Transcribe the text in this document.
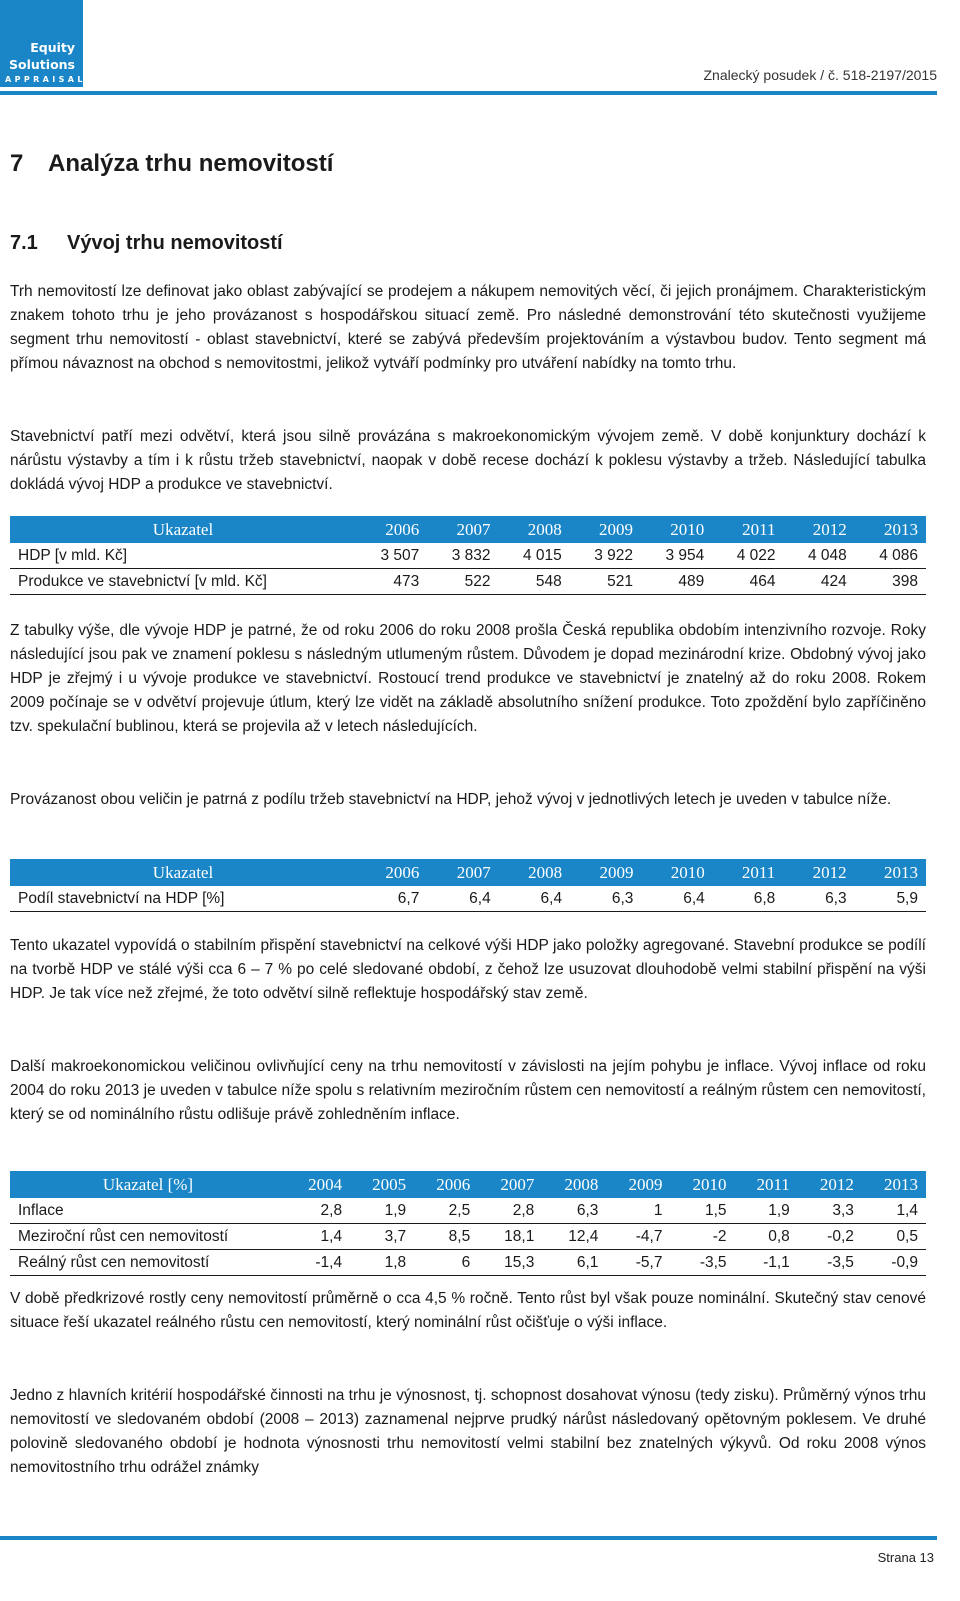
Equity
Solutions
APPRAISALS	Znalecký posudek / č. 518-2197/2015
7 Analýza trhu nemovitostí
7.1 Vývoj trhu nemovitostí

Trh nemovitostí lze definovat jako oblast zabývající se prodejem a nákupem nemovitých věcí, či jejich pronájmem. Charakteristickým znakem tohoto trhu je jeho provázanost s hospodářskou situací země. Pro následné demonstrování této skutečnosti využijeme segment trhu nemovitostí - oblast stavebnictví, které se zabývá především projektováním a výstavbou budov. Tento segment má přímou návaznost na obchod s nemovitostmi, jelikož vytváří podmínky pro utváření nabídky na tomto trhu.

Stavebnictví patří mezi odvětví, která jsou silně provázána s makroekonomickým vývojem země. V době konjunktury dochází k nárůstu výstavby a tím i k růstu tržeb stavebnictví, naopak v době recese dochází k poklesu výstavby a tržeb. Následující tabulka dokládá vývoj HDP a produkce ve stavebnictví.

Ukazatel	2006	2007	2008	2009	2010	2011	2012	2013
HDP [v mld. Kč]	3 507	3 832	4 015	3 922	3 954	4 022	4 048	4 086
Produkce ve stavebnictví [v mld. Kč]	473	522	548	521	489	464	424	398

Z tabulky výše, dle vývoje HDP je patrné, že od roku 2006 do roku 2008 prošla Česká republika obdobím intenzivního rozvoje. Roky následující jsou pak ve znamení poklesu s následným utlumeným růstem. Důvodem je dopad mezinárodní krize. Obdobný vývoj jako HDP je zřejmý i u vývoje produkce ve stavebnictví. Rostoucí trend produkce ve stavebnictví je znatelný až do roku 2008. Rokem 2009 počínaje se v odvětví projevuje útlum, který lze vidět na základě absolutního snížení produkce. Toto zpoždění bylo zapříčiněno tzv. spekulační bublinou, která se projevila až v letech následujících.

Provázanost obou veličin je patrná z podílu tržeb stavebnictví na HDP, jehož vývoj v jednotlivých letech je uveden v tabulce níže.

Ukazatel	2006	2007	2008	2009	2010	2011	2012	2013
Podíl stavebnictví na HDP [%]	6,7	6,4	6,4	6,3	6,4	6,8	6,3	5,9

Tento ukazatel vypovídá o stabilním přispění stavebnictví na celkové výši HDP jako položky agregované. Stavební produkce se podílí na tvorbě HDP ve stálé výši cca 6 – 7 % po celé sledované období, z čehož lze usuzovat dlouhodobě velmi stabilní přispění na výši HDP. Je tak více než zřejmé, že toto odvětví silně reflektuje hospodářský stav země.

Další makroekonomickou veličinou ovlivňující ceny na trhu nemovitostí v závislosti na jejím pohybu je inflace. Vývoj inflace od roku 2004 do roku 2013 je uveden v tabulce níže spolu s relativním meziročním růstem cen nemovitostí a reálným růstem cen nemovitostí, který se od nominálního růstu odlišuje právě zohledněním inflace.

Ukazatel [%]	2004	2005	2006	2007	2008	2009	2010	2011	2012	2013
Inflace	2,8	1,9	2,5	2,8	6,3	1	1,5	1,9	3,3	1,4
Meziroční růst cen nemovitostí	1,4	3,7	8,5	18,1	12,4	-4,7	-2	0,8	-0,2	0,5
Reálný růst cen nemovitostí	-1,4	1,8	6	15,3	6,1	-5,7	-3,5	-1,1	-3,5	-0,9

V době předkrizové rostly ceny nemovitostí průměrně o cca 4,5 % ročně. Tento růst byl však pouze nominální. Skutečný stav cenové situace řeší ukazatel reálného růstu cen nemovitostí, který nominální růst očišťuje o výši inflace.

Jedno z hlavních kritérií hospodářské činnosti na trhu je výnosnost, tj. schopnost dosahovat výnosu (tedy zisku). Průměrný výnos trhu nemovitostí ve sledovaném období (2008 – 2013) zaznamenal nejprve prudký nárůst následovaný opětovným poklesem. Ve druhé polovině sledovaného období je hodnota výnosnosti trhu nemovitostí velmi stabilní bez znatelných výkyvů. Od roku 2008 výnos nemovitostního trhu odrážel známky

Strana 13
